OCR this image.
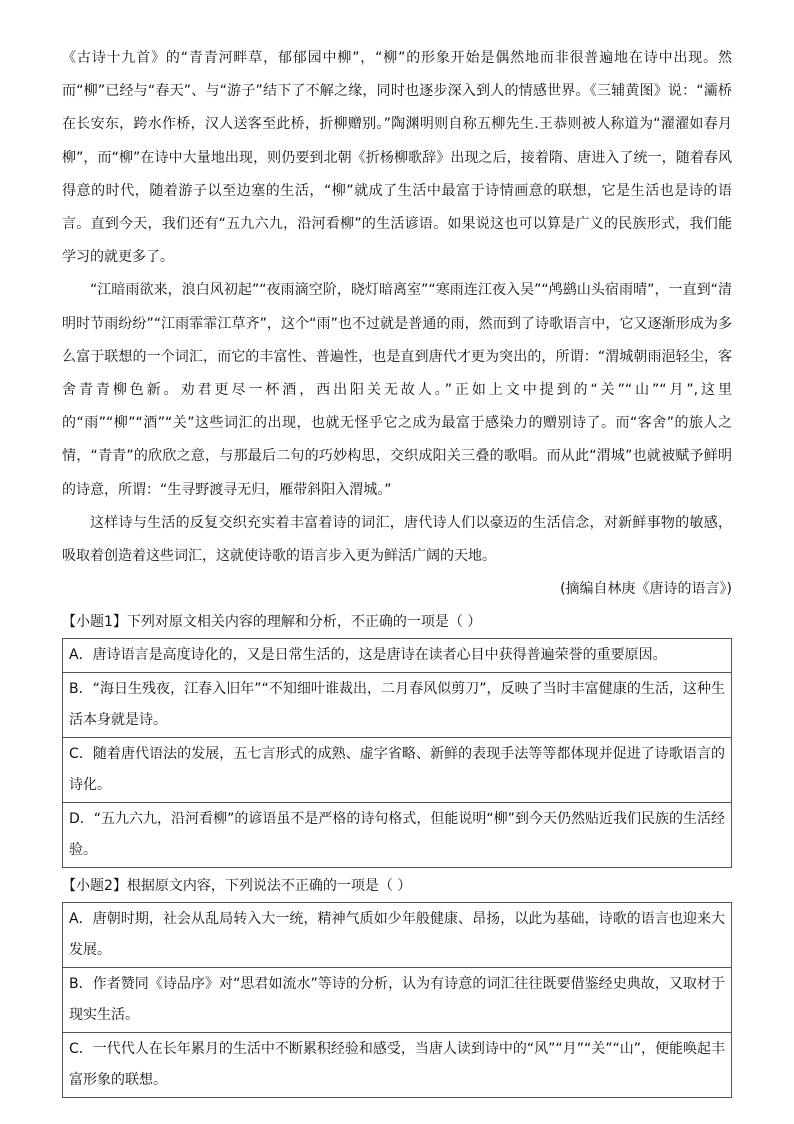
《古诗十九首》的“青青河畔草，郁郁园中柳”，“柳”的形象开始是偶然地而非很普遍地在诗中出现。然而“柳”已经与“春天”、与“游子”结下了不解之缘，同时也逐步深入到人的情感世界。《三辅黄图》说：“灞桥在长安东，跨水作桥，汉人送客至此桥，折柳赠别。”陶渊明则自称五柳先生.王恭则被人称道为“濯濯如春月柳”，而“柳”在诗中大量地出现，则仍要到北朝《折杨柳歌辞》出现之后，接着隋、唐进入了统一，随着春风得意的时代，随着游子以至边塞的生活，“柳”就成了生活中最富于诗情画意的联想，它是生活也是诗的语言。直到今天，我们还有“五九六九，沿河看柳”的生活谚语。如果说这也可以算是广义的民族形式，我们能学习的就更多了。

“江暗雨欲来，浪白风初起”“夜雨滴空阶，晓灯暗离室”“寒雨连江夜入吴”“鸬鹚山头宿雨晴”，一直到“清明时节雨纷纷”“江雨霏霏江草齐”，这个“雨”也不过就是普通的雨，然而到了诗歌语言中，它又逐渐形成为多么富于联想的一个词汇，而它的丰富性、普遍性，也是直到唐代才更为突出的，所谓：“渭城朝雨浥轻尘，客舍青青柳色新。劝君更尽一杯酒，西出阳关无故人。”正如上文中提到的“关”“山”“月”,这里的“雨”“柳”“酒”“关”这些词汇的出现，也就无怪乎它之成为最富于感染力的赠别诗了。而“客舍”的旅人之情，“青青”的欣欣之意，与那最后二句的巧妙构思，交织成阳关三叠的歌唱。而从此“渭城”也就被赋予鲜明的诗意，所谓：“生寻野渡寻无归，雁带斜阳入渭城。”

这样诗与生活的反复交织充实着丰富着诗的词汇，唐代诗人们以豪迈的生活信念，对新鲜事物的敏感，吸取着创造着这些词汇，这就使诗歌的语言步入更为鲜活广阔的天地。

(摘编自林庚《唐诗的语言》)

【小题1】下列对原文相关内容的理解和分析，不正确的一项是（ ）
A．唐诗语言是高度诗化的，又是日常生活的，这是唐诗在读者心目中获得普遍荣誉的重要原因。
B．“海日生残夜，江春入旧年”“不知细叶谁裁出，二月春风似剪刀”，反映了当时丰富健康的生活，这种生活本身就是诗。
C．随着唐代语法的发展，五七言形式的成熟、虚字省略、新鲜的表现手法等等都体现并促进了诗歌语言的诗化。
D．“五九六九，沿河看柳”的谚语虽不是严格的诗句格式，但能说明“柳”到今天仍然贴近我们民族的生活经验。
【小题2】根据原文内容，下列说法不正确的一项是（ ）
A．唐朝时期，社会从乱局转入大一统，精神气质如少年般健康、昂扬，以此为基础，诗歌的语言也迎来大发展。
B．作者赞同《诗品序》对“思君如流水”等诗的分析，认为有诗意的词汇往往既要借鉴经史典故，又取材于现实生活。
C．一代代人在长年累月的生活中不断累积经验和感受，当唐人读到诗中的“风”“月”“关”“山”，便能唤起丰富形象的联想。
